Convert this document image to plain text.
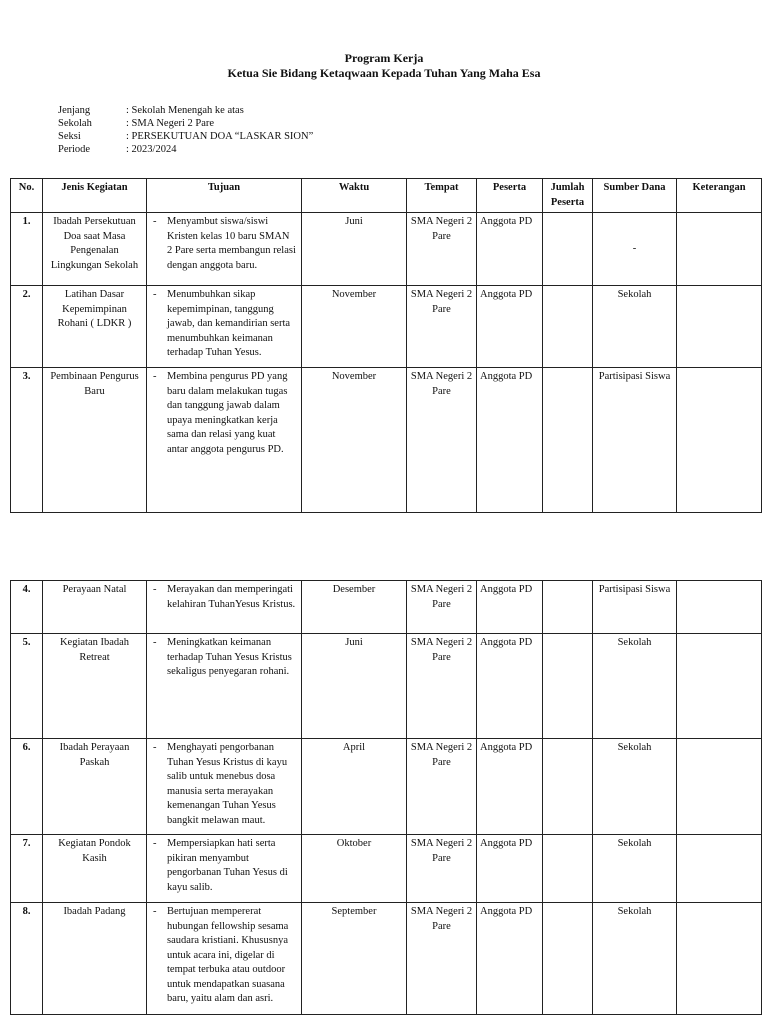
Program Kerja
Ketua Sie Bidang Ketaqwaan Kepada Tuhan Yang Maha Esa
Jenjang	: Sekolah Menengah ke atas
Sekolah	: SMA Negeri 2 Pare
Seksi	: PERSEKUTUAN DOA “LASKAR SION”
Periode	: 2023/2024
No.	Jenis Kegiatan	Tujuan	Waktu	Tempat	Peserta	Jumlah Peserta	Sumber Dana	Keterangan
1.	Ibadah Persekutuan Doa saat Masa Pengenalan Lingkungan Sekolah	- Menyambut siswa/siswi Kristen kelas 10 baru SMAN 2 Pare serta membangun relasi dengan anggota baru.	Juni	SMA Negeri 2 Pare	Anggota PD		-	
2.	Latihan Dasar Kepemimpinan Rohani ( LDKR )	- Menumbuhkan sikap kepemimpinan, tanggung jawab, dan kemandirian serta menumbuhkan keimanan terhadap Tuhan Yesus.	November	SMA Negeri 2 Pare	Anggota PD		Sekolah	
3.	Pembinaan Pengurus Baru	- Membina pengurus PD yang baru dalam melakukan tugas dan tanggung jawab dalam upaya meningkatkan kerja sama dan relasi yang kuat antar anggota pengurus PD.	November	SMA Negeri 2 Pare	Anggota PD		Partisipasi Siswa	
4.	Perayaan Natal	- Merayakan dan memperingati kelahiran TuhanYesus Kristus.	Desember	SMA Negeri 2 Pare	Anggota PD		Partisipasi Siswa	
5.	Kegiatan Ibadah Retreat	- Meningkatkan keimanan terhadap Tuhan Yesus Kristus sekaligus penyegaran rohani.	Juni	SMA Negeri 2 Pare	Anggota PD		Sekolah	
6.	Ibadah Perayaan Paskah	- Menghayati pengorbanan Tuhan Yesus Kristus di kayu salib untuk menebus dosa manusia serta merayakan kemenangan Tuhan Yesus bangkit melawan maut.	April	SMA Negeri 2 Pare	Anggota PD		Sekolah	
7.	Kegiatan Pondok Kasih	- Mempersiapkan hati serta pikiran menyambut pengorbanan Tuhan Yesus di kayu salib.	Oktober	SMA Negeri 2 Pare	Anggota PD		Sekolah	
8.	Ibadah Padang	- Bertujuan mempererat hubungan fellowship sesama saudara kristiani. Khususnya untuk acara ini, digelar di tempat terbuka atau outdoor untuk mendapatkan suasana baru, yaitu alam dan asri.	September	SMA Negeri 2 Pare	Anggota PD		Sekolah	
